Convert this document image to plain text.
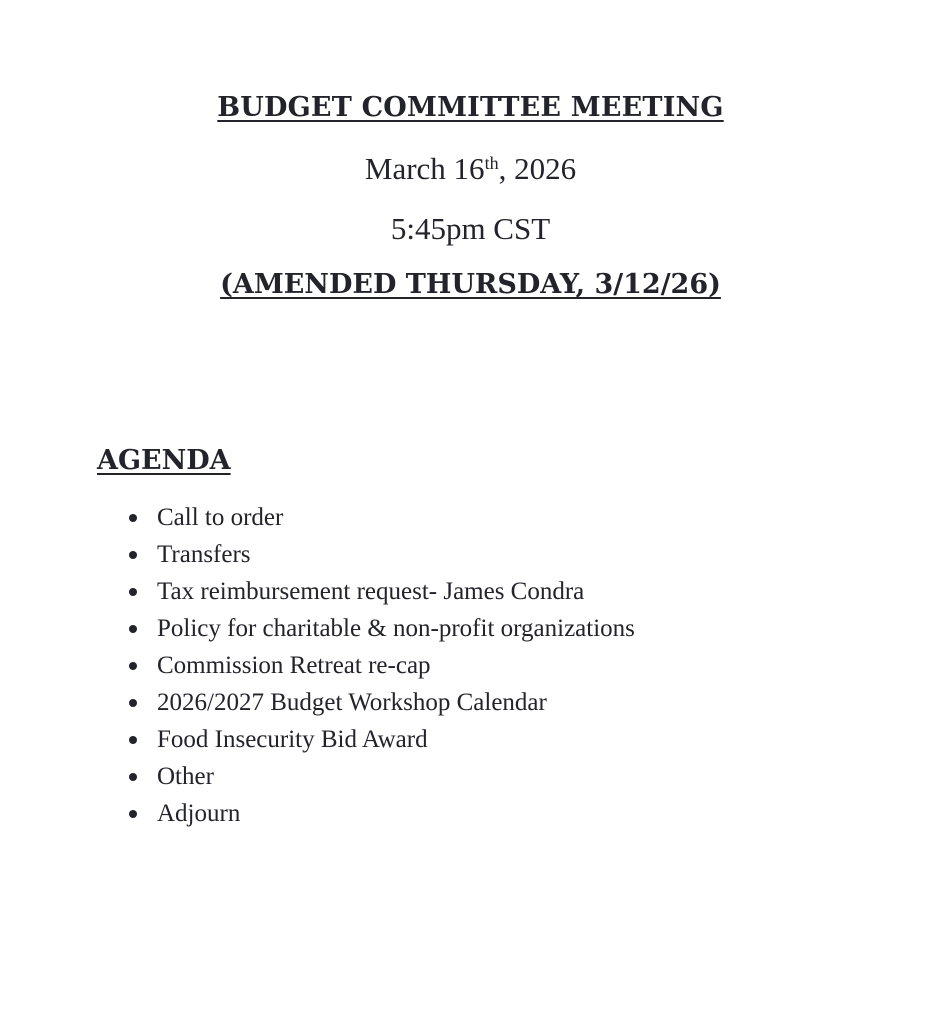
BUDGET COMMITTEE MEETING
March 16th, 2026
5:45pm CST
(AMENDED THURSDAY, 3/12/26)
AGENDA
Call to order
Transfers
Tax reimbursement request- James Condra
Policy for charitable & non-profit organizations
Commission Retreat re-cap
2026/2027 Budget Workshop Calendar
Food Insecurity Bid Award
Other
Adjourn
